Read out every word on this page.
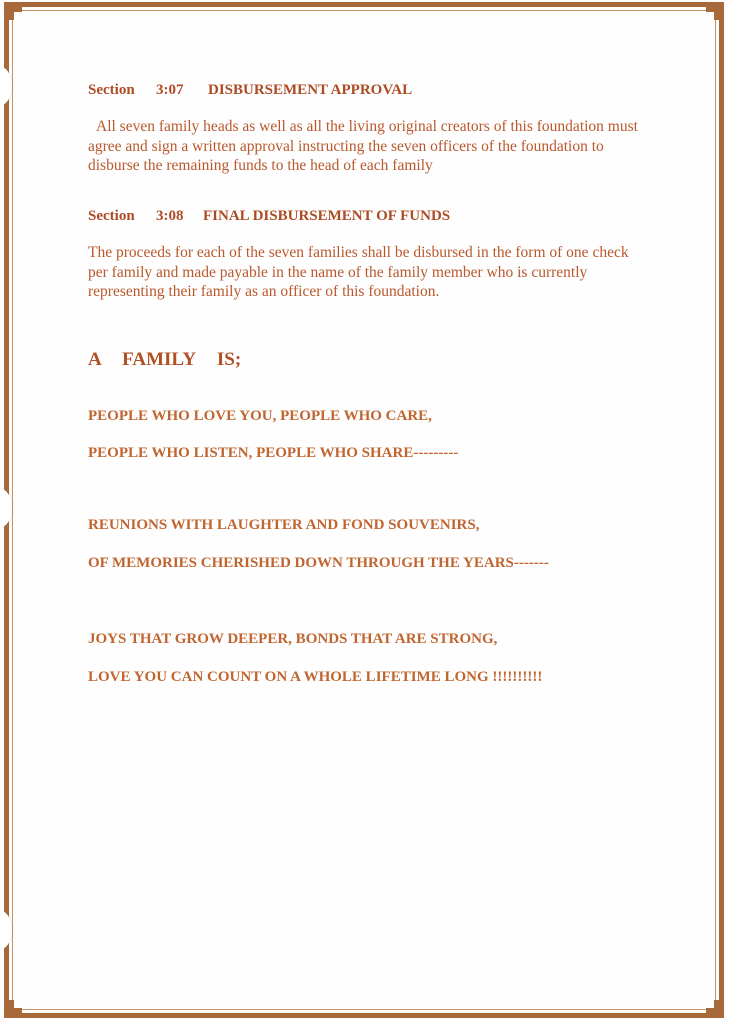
Section 3:07 DISBURSEMENT APPROVAL
All seven family heads as well as all the living original creators of this foundation must agree and sign a written approval instructing the seven officers of the foundation to disburse the remaining funds to the head of each family
Section 3:08 FINAL DISBURSEMENT OF FUNDS
The proceeds for each of the seven families shall be disbursed in the form of one check per family and made payable in the name of the family member who is currently representing their family as an officer of this foundation.
A  FAMILY  IS;
PEOPLE WHO LOVE YOU, PEOPLE WHO CARE,
PEOPLE WHO LISTEN, PEOPLE WHO SHARE---------
REUNIONS WITH LAUGHTER AND FOND SOUVENIRS,
OF MEMORIES CHERISHED DOWN THROUGH THE YEARS-------
JOYS THAT GROW DEEPER, BONDS THAT ARE STRONG,
LOVE YOU CAN COUNT ON A WHOLE LIFETIME LONG !!!!!!!!!!
